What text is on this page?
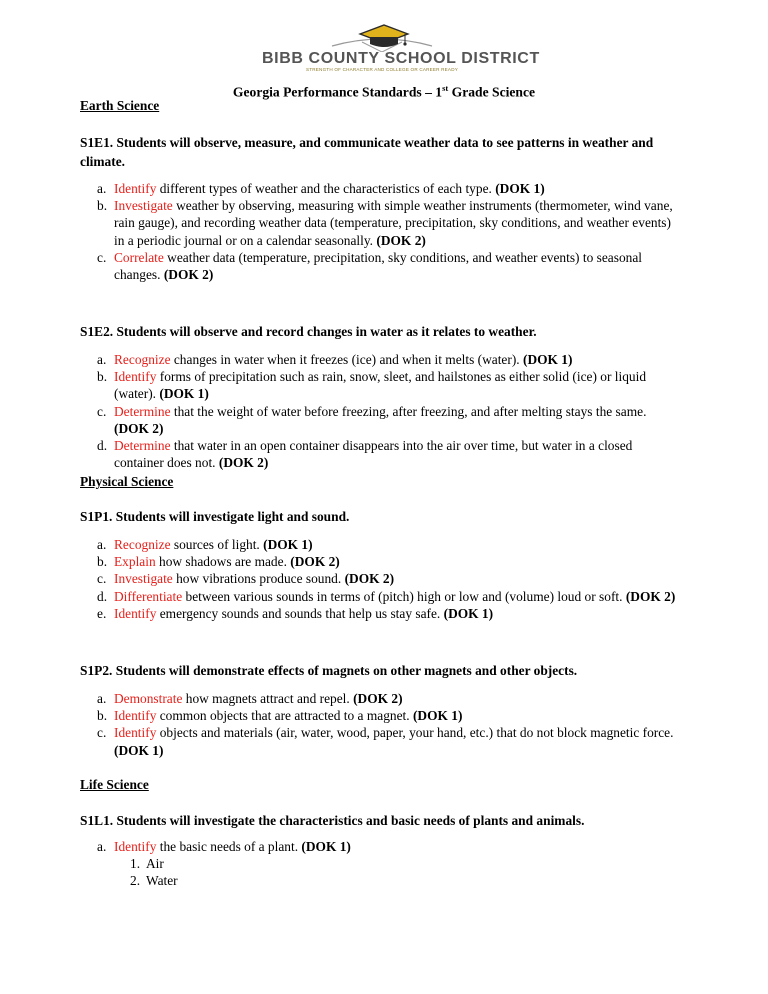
BIBB COUNTY SCHOOL DISTRICT
STRENGTH OF CHARACTER AND COLLEGE OR CAREER READY
Georgia Performance Standards – 1st Grade Science
Earth Science
S1E1. Students will observe, measure, and communicate weather data to see patterns in weather and climate.
a. Identify different types of weather and the characteristics of each type. (DOK 1)
b. Investigate weather by observing, measuring with simple weather instruments (thermometer, wind vane, rain gauge), and recording weather data (temperature, precipitation, sky conditions, and weather events) in a periodic journal or on a calendar seasonally. (DOK 2)
c. Correlate weather data (temperature, precipitation, sky conditions, and weather events) to seasonal changes. (DOK 2)
S1E2. Students will observe and record changes in water as it relates to weather.
a. Recognize changes in water when it freezes (ice) and when it melts (water). (DOK 1)
b. Identify forms of precipitation such as rain, snow, sleet, and hailstones as either solid (ice) or liquid (water). (DOK 1)
c. Determine that the weight of water before freezing, after freezing, and after melting stays the same. (DOK 2)
d. Determine that water in an open container disappears into the air over time, but water in a closed container does not. (DOK 2)
Physical Science
S1P1. Students will investigate light and sound.
a. Recognize sources of light. (DOK 1)
b. Explain how shadows are made. (DOK 2)
c. Investigate how vibrations produce sound. (DOK 2)
d. Differentiate between various sounds in terms of (pitch) high or low and (volume) loud or soft. (DOK 2)
e. Identify emergency sounds and sounds that help us stay safe. (DOK 1)
S1P2. Students will demonstrate effects of magnets on other magnets and other objects.
a. Demonstrate how magnets attract and repel. (DOK 2)
b. Identify common objects that are attracted to a magnet. (DOK 1)
c. Identify objects and materials (air, water, wood, paper, your hand, etc.) that do not block magnetic force. (DOK 1)
Life Science
S1L1. Students will investigate the characteristics and basic needs of plants and animals.
a. Identify the basic needs of a plant. (DOK 1)
1. Air
2. Water
